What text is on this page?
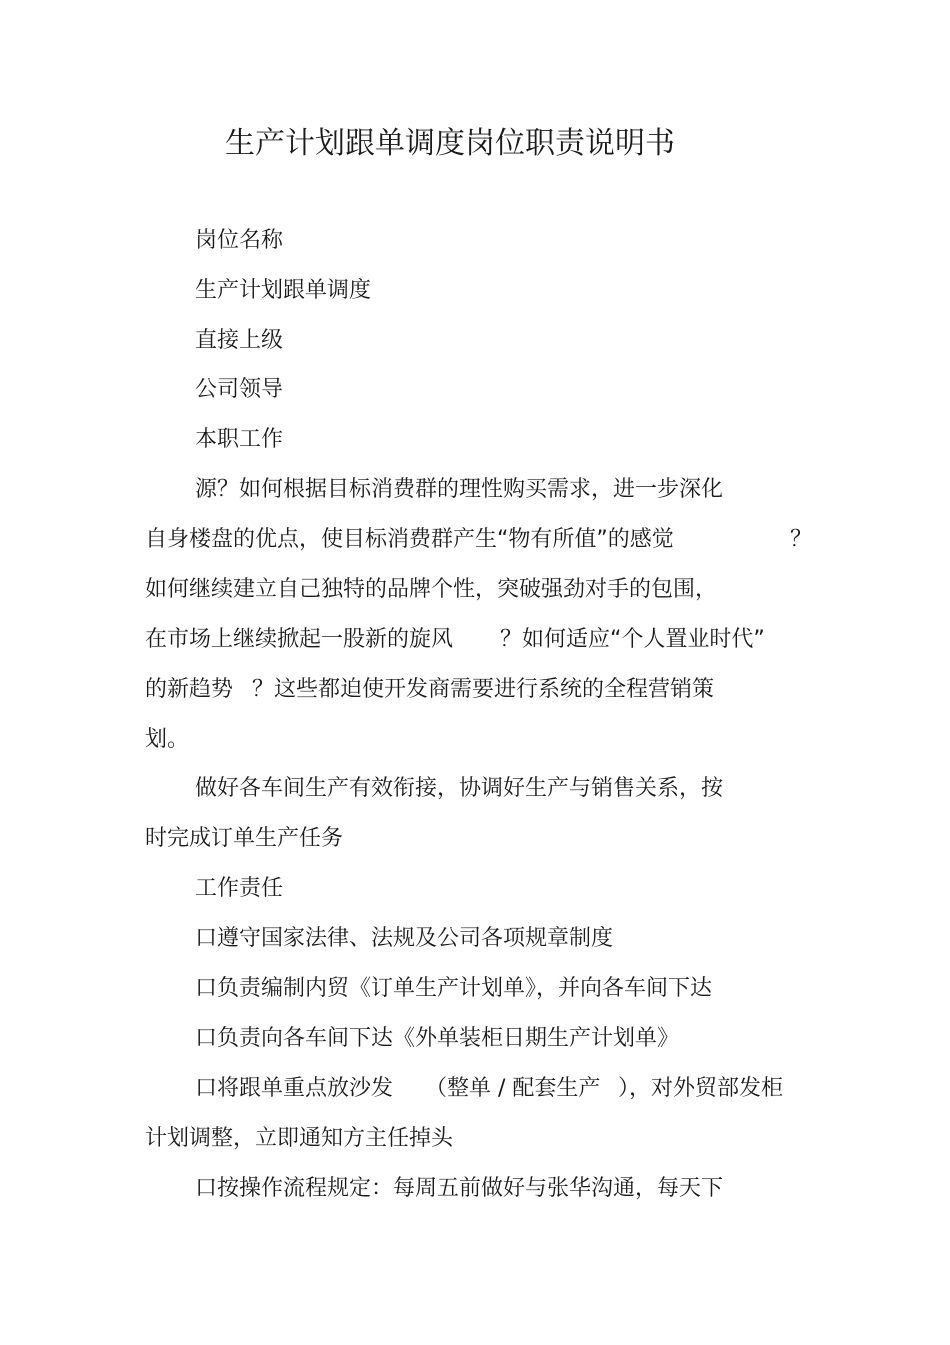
生产计划跟单调度岗位职责说明书
岗位名称
生产计划跟单调度
直接上级
公司领导
本职工作
源？如何根据目标消费群的理性购买需求，进一步深化
自身楼盘的优点，使目标消费群产生“物有所值”的感觉	？
如何继续建立自己独特的品牌个性，突破强劲对手的包围，
在市场上继续掀起一股新的旋风 ？如何适应“个人置业时代”
的新趋势 ？这些都迫使开发商需要进行系统的全程营销策
划。
做好各车间生产有效衔接，协调好生产与销售关系，按
时完成订单生产任务
工作责任
口遵守国家法律、法规及公司各项规章制度
口负责编制内贸《订单生产计划单》，并向各车间下达
口负责向各车间下达《外单装柜日期生产计划单》
口将跟单重点放沙发 （整单 / 配套生产 ），对外贸部发柜
计划调整，立即通知方主任掉头
口按操作流程规定：每周五前做好与张华沟通，每天下
